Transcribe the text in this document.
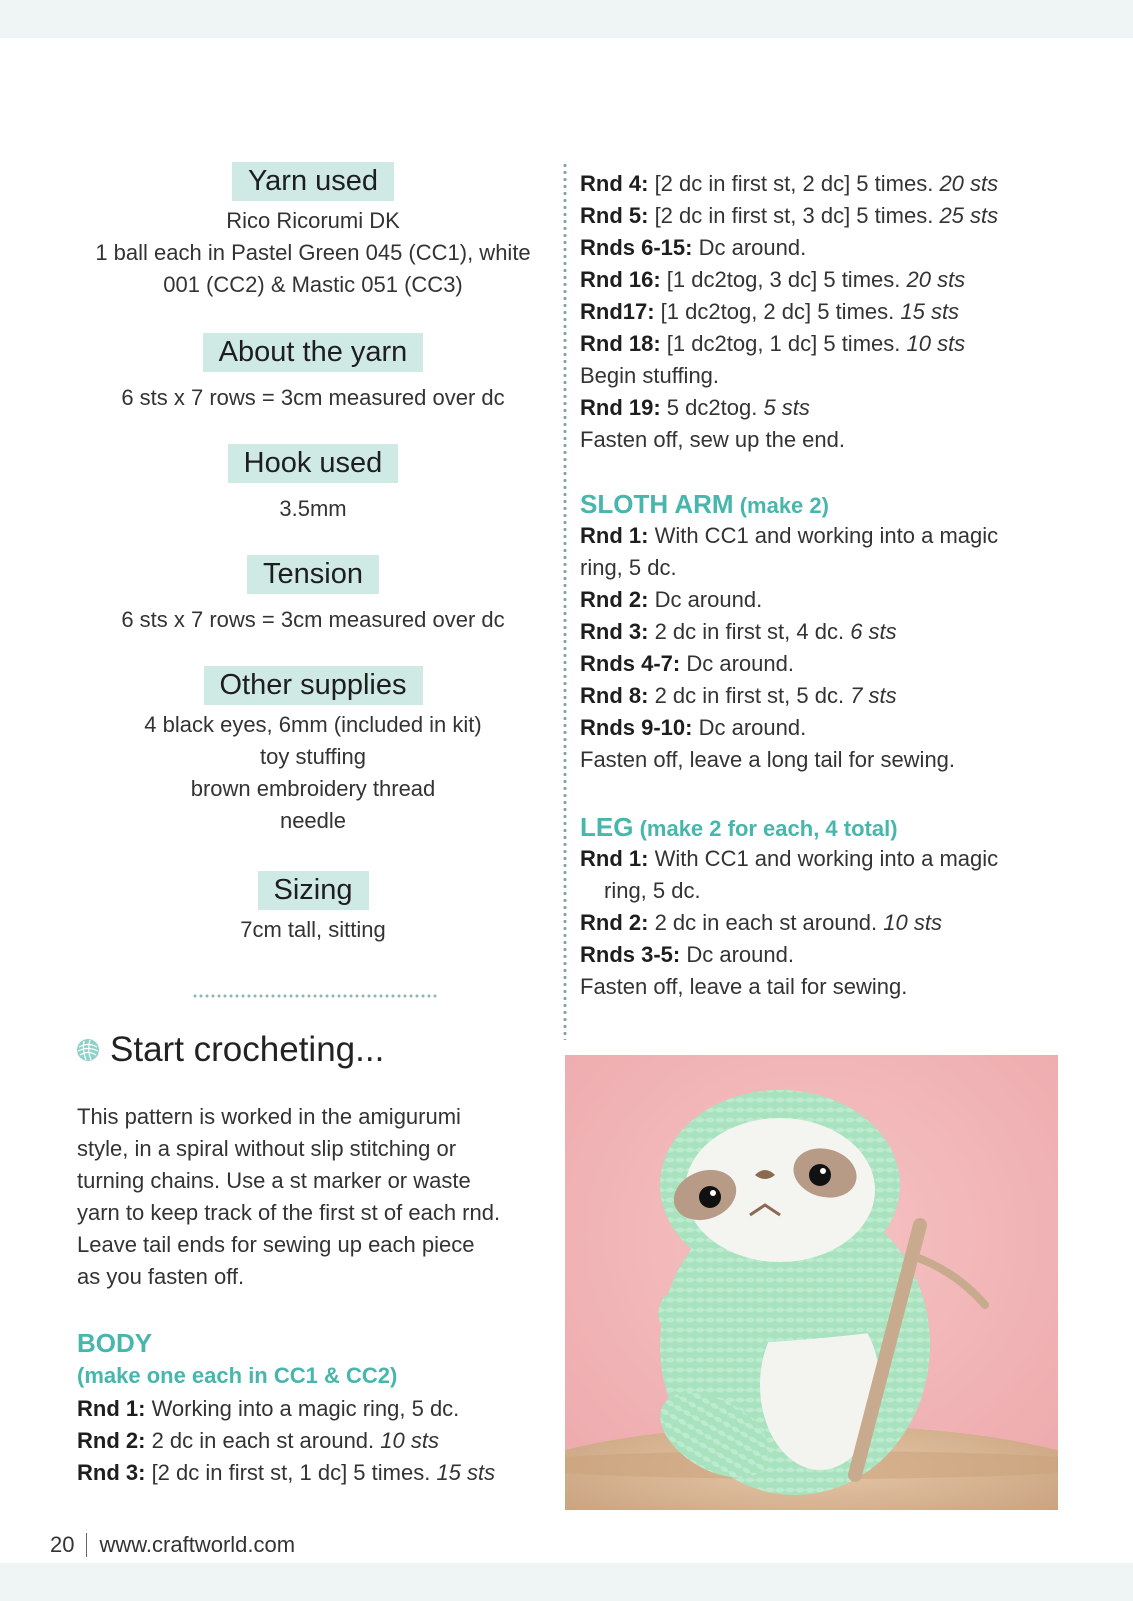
Yarn used
Rico Ricorumi DK
1 ball each in Pastel Green 045 (CC1), white
001 (CC2) & Mastic 051 (CC3)
About the yarn
6 sts x 7 rows = 3cm measured over dc
Hook used
3.5mm
Tension
6 sts x 7 rows = 3cm measured over dc
Other supplies
4 black eyes, 6mm (included in kit)
toy stuffing
brown embroidery thread
needle
Sizing
7cm tall, sitting
Start crocheting...
This pattern is worked in the amigurumi
style, in a spiral without slip stitching or
turning chains. Use a st marker or waste
yarn to keep track of the first st of each rnd.
Leave tail ends for sewing up each piece
as you fasten off.
BODY
(make one each in CC1 & CC2)
Rnd 1: Working into a magic ring, 5 dc.
Rnd 2: 2 dc in each st around. 10 sts
Rnd 3: [2 dc in first st, 1 dc] 5 times. 15 sts
Rnd 4: [2 dc in first st, 2 dc] 5 times. 20 sts
Rnd 5: [2 dc in first st, 3 dc] 5 times. 25 sts
Rnds 6-15: Dc around.
Rnd 16: [1 dc2tog, 3 dc] 5 times. 20 sts
Rnd17: [1 dc2tog, 2 dc] 5 times. 15 sts
Rnd 18: [1 dc2tog, 1 dc] 5 times. 10 sts
Begin stuffing.
Rnd 19: 5 dc2tog. 5 sts
Fasten off, sew up the end.
SLOTH ARM (make 2)
Rnd 1: With CC1 and working into a magic
ring, 5 dc.
Rnd 2: Dc around.
Rnd 3: 2 dc in first st, 4 dc. 6 sts
Rnds 4-7: Dc around.
Rnd 8: 2 dc in first st, 5 dc. 7 sts
Rnds 9-10: Dc around.
Fasten off, leave a long tail for sewing.
LEG (make 2 for each, 4 total)
Rnd 1: With CC1 and working into a magic
ring, 5 dc.
Rnd 2: 2 dc in each st around. 10 sts
Rnds 3-5: Dc around.
Fasten off, leave a tail for sewing.
20 www.craftworld.com
